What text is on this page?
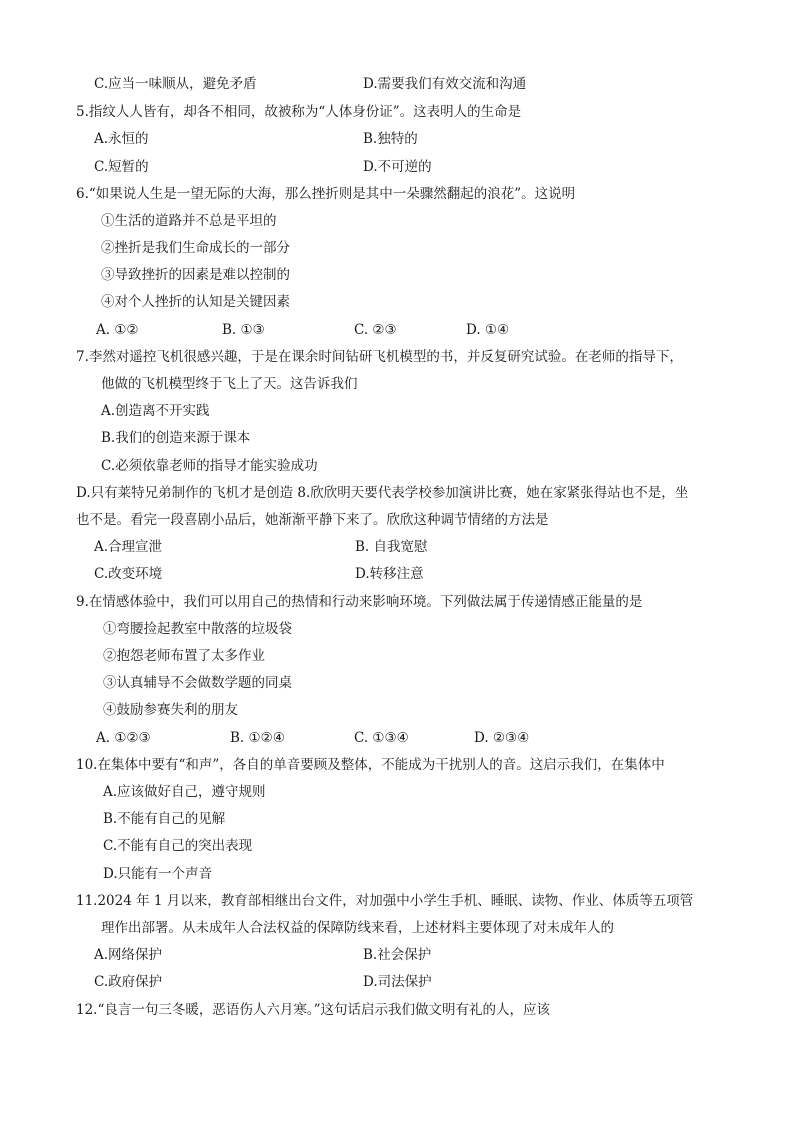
C.应当一味顺从，避免矛盾	D.需要我们有效交流和沟通
5.指纹人人皆有，却各不相同，故被称为“人体身份证”。这表明人的生命是
A.永恒的	B.独特的
C.短暂的	D.不可逆的
6.“如果说人生是一望无际的大海，那么挫折则是其中一朵骤然翻起的浪花”。这说明
①生活的道路并不总是平坦的
②挫折是我们生命成长的一部分
③导致挫折的因素是难以控制的
④对个人挫折的认知是关键因素
A. ①②	B. ①③	C. ②③	D. ①④
7.李然对遥控飞机很感兴趣，于是在课余时间钻研飞机模型的书，并反复研究试验。在老师的指导下，
他做的飞机模型终于飞上了天。这告诉我们
A.创造离不开实践
B.我们的创造来源于课本
C.必须依靠老师的指导才能实验成功
D.只有莱特兄弟制作的飞机才是创造 8.欣欣明天要代表学校参加演讲比赛，她在家紧张得站也不是，坐
也不是。看完一段喜剧小品后，她渐渐平静下来了。欣欣这种调节情绪的方法是
A.合理宣泄	B. 自我宽慰
C.改变环境	D.转移注意
9.在情感体验中，我们可以用自己的热情和行动来影响环境。下列做法属于传递情感正能量的是
①弯腰捡起教室中散落的垃圾袋
②抱怨老师布置了太多作业
③认真辅导不会做数学题的同桌
④鼓励参赛失利的朋友
A. ①②③	B. ①②④	C. ①③④	D. ②③④
10.在集体中要有“和声”，各自的单音要顾及整体，不能成为干扰别人的音。这启示我们，在集体中
A.应该做好自己，遵守规则
B.不能有自己的见解
C.不能有自己的突出表现
D.只能有一个声音
11.2024 年 1 月以来，教育部相继出台文件，对加强中小学生手机、睡眠、读物、作业、体质等五项管
理作出部署。从未成年人合法权益的保障防线来看，上述材料主要体现了对未成年人的
A.网络保护	B.社会保护
C.政府保护	D.司法保护
12.“良言一句三冬暖，恶语伤人六月寒。”这句话启示我们做文明有礼的人，应该
